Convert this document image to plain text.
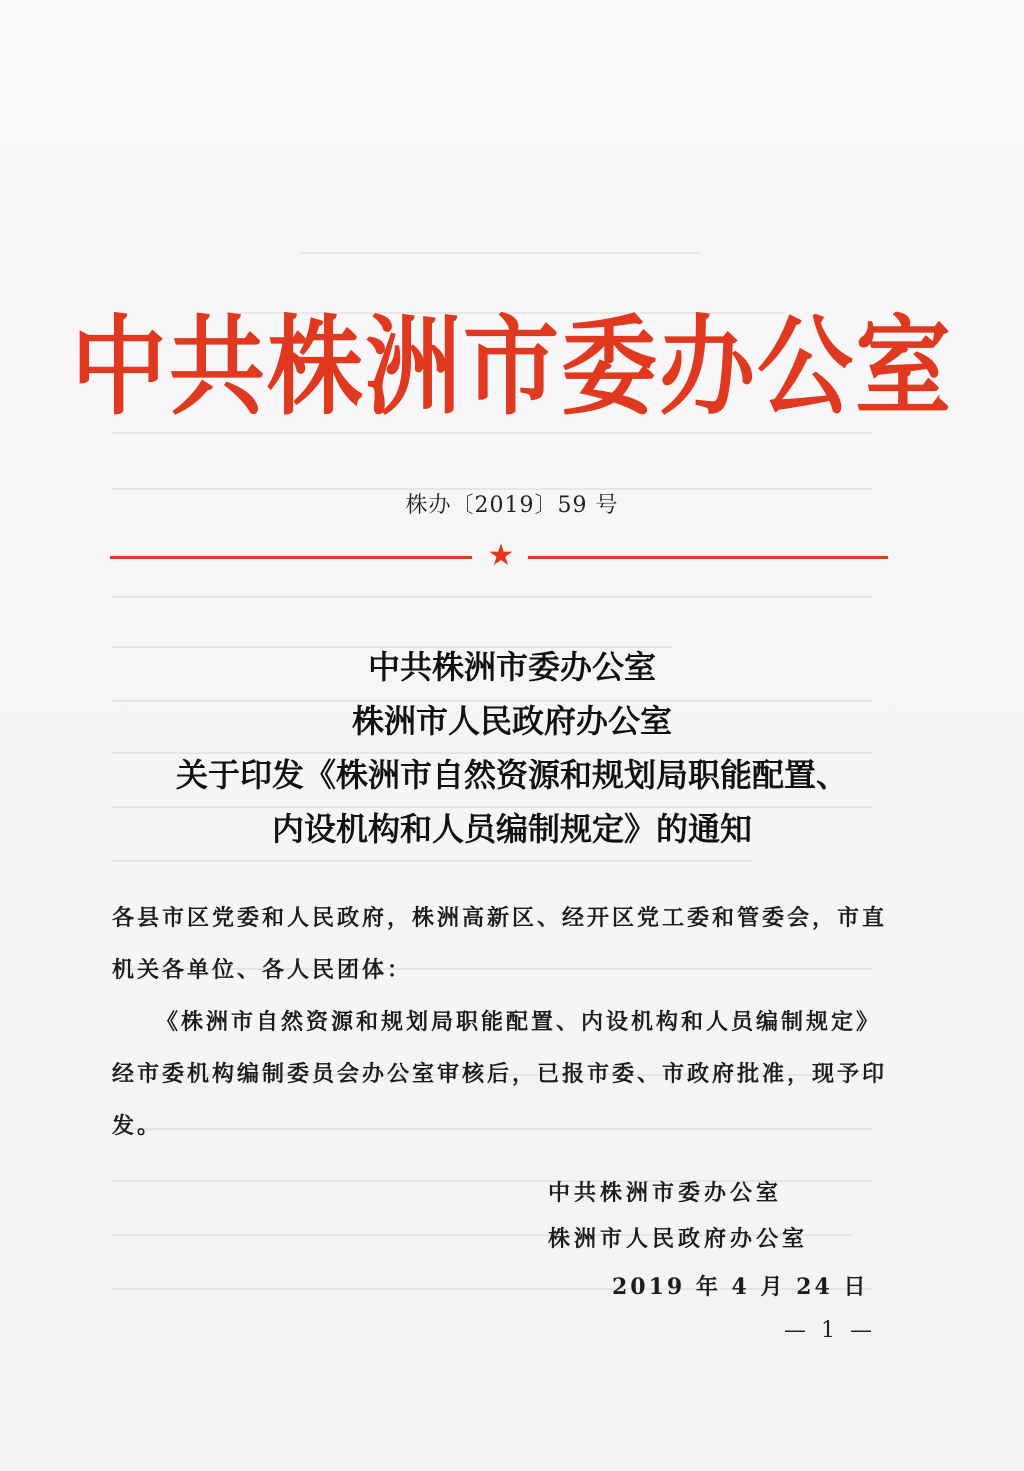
中共株洲市委办公室
株办〔2019〕59 号
★
中共株洲市委办公室
株洲市人民政府办公室
关于印发《株洲市自然资源和规划局职能配置、
内设机构和人员编制规定》的通知
各县市区党委和人民政府，株洲高新区、经开区党工委和管委会，市直机关各单位、各人民团体：

《株洲市自然资源和规划局职能配置、内设机构和人员编制规定》经市委机构编制委员会办公室审核后，已报市委、市政府批准，现予印发。

中共株洲市委办公室
株洲市人民政府办公室
2019 年 4 月 24 日
— 1 —
